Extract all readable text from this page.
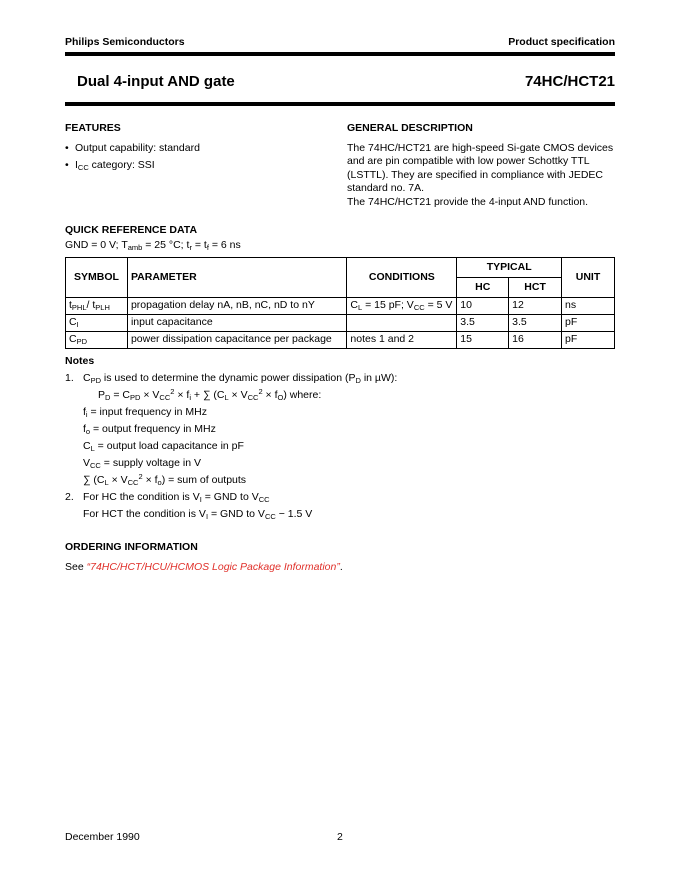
Philips Semiconductors	Product specification
Dual 4-input AND gate	74HC/HCT21
FEATURES
• Output capability: standard
• $I_{CC}$ category: SSI
GENERAL DESCRIPTION
The 74HC/HCT21 are high-speed Si-gate CMOS devices
and are pin compatible with low power Schottky TTL
(LSTTL). They are specified in compliance with JEDEC
standard no. 7A.
The 74HC/HCT21 provide the 4-input AND function.
QUICK REFERENCE DATA
GND = 0 V; $T_{amb} = 25$ °C; $t_r = t_f = 6$ ns
SYMBOL	PARAMETER	CONDITIONS	TYPICAL		UNIT
			HC	HCT	
$t_{PHL}/$ $t_{PLH}$	propagation delay nA, nB, nC, nD to nY	$C_L = 15$ pF; $V_{CC} = 5$ V	10	12	ns
$C_I$	input capacitance		3.5	3.5	pF
$C_{PD}$	power dissipation capacitance per package	notes 1 and 2	15	16	pF
Notes
1. $C_{PD}$ is used to determine the dynamic power dissipation ($P_D$ in µW):
$P_D = C_{PD} \times V_{CC}^2 \times f_i$ + ∑ $(C_L \times V_{CC}^2 \times f_O)$ where:
$f_i$ = input frequency in MHz
$f_o$ = output frequency in MHz
$C_L$ = output load capacitance in pF
$V_{CC}$ = supply voltage in V
∑ $(C_L \times V_{CC}^2 \times f_o)$ = sum of outputs
2. For HC the condition is $V_I$ = GND to $V_{CC}$
For HCT the condition is $V_I$ = GND to $V_{CC} - 1.5$ V
ORDERING INFORMATION
See “74HC/HCT/HCU/HCMOS Logic Package Information”.
December 1990	2
